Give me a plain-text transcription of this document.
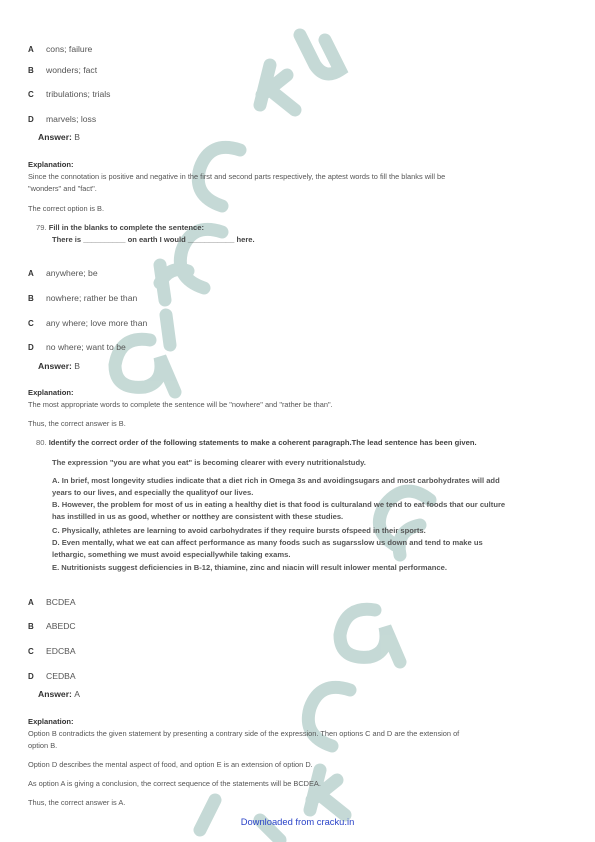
A cons; failure
B wonders; fact
C tribulations; trials
D marvels; loss
Answer: B
Explanation:
Since the connotation is positive and negative in the first and second parts respectively, the aptest words to fill the blanks will be
"wonders" and "fact".
The correct option is B.
79. Fill in the blanks to complete the sentence:
There is __________ on earth I would ___________ here.
A anywhere; be
B nowhere; rather be than
C any where; love more than
D no where; want to be
Answer: B
Explanation:
The most appropriate words to complete the sentence will be "nowhere" and "rather be than".
Thus, the correct answer is B.
80. Identify the correct order of the following statements to make a coherent paragraph.The lead sentence has been given.
The expression "you are what you eat" is becoming clearer with every nutritionalstudy.
A. In brief, most longevity studies indicate that a diet rich in Omega 3s and avoidingsugars and most carbohydrates will add
years to our lives, and especially the qualityof our lives.
B. However, the problem for most of us in eating a healthy diet is that food is culturaland we tend to eat foods that our culture
has instilled in us as good, whether or notthey are consistent with these studies.
C. Physically, athletes are learning to avoid carbohydrates if they require bursts ofspeed in their sports.
D. Even mentally, what we eat can affect performance as many foods such as sugarsslow us down and tend to make us
lethargic, something we must avoid especiallywhile taking exams.
E. Nutritionists suggest deficiencies in B-12, thiamine, zinc and niacin will result inlower mental performance.
A BCDEA
B ABEDC
C EDCBA
D CEDBA
Answer: A
Explanation:
Option B contradicts the given statement by presenting a contrary side of the expression. Then options C and D are the extension of
option B.
Option D describes the mental aspect of food, and option E is an extension of option D.
As option A is giving a conclusion, the correct sequence of the statements will be BCDEA.
Thus, the correct answer is A.
Downloaded from cracku.in
